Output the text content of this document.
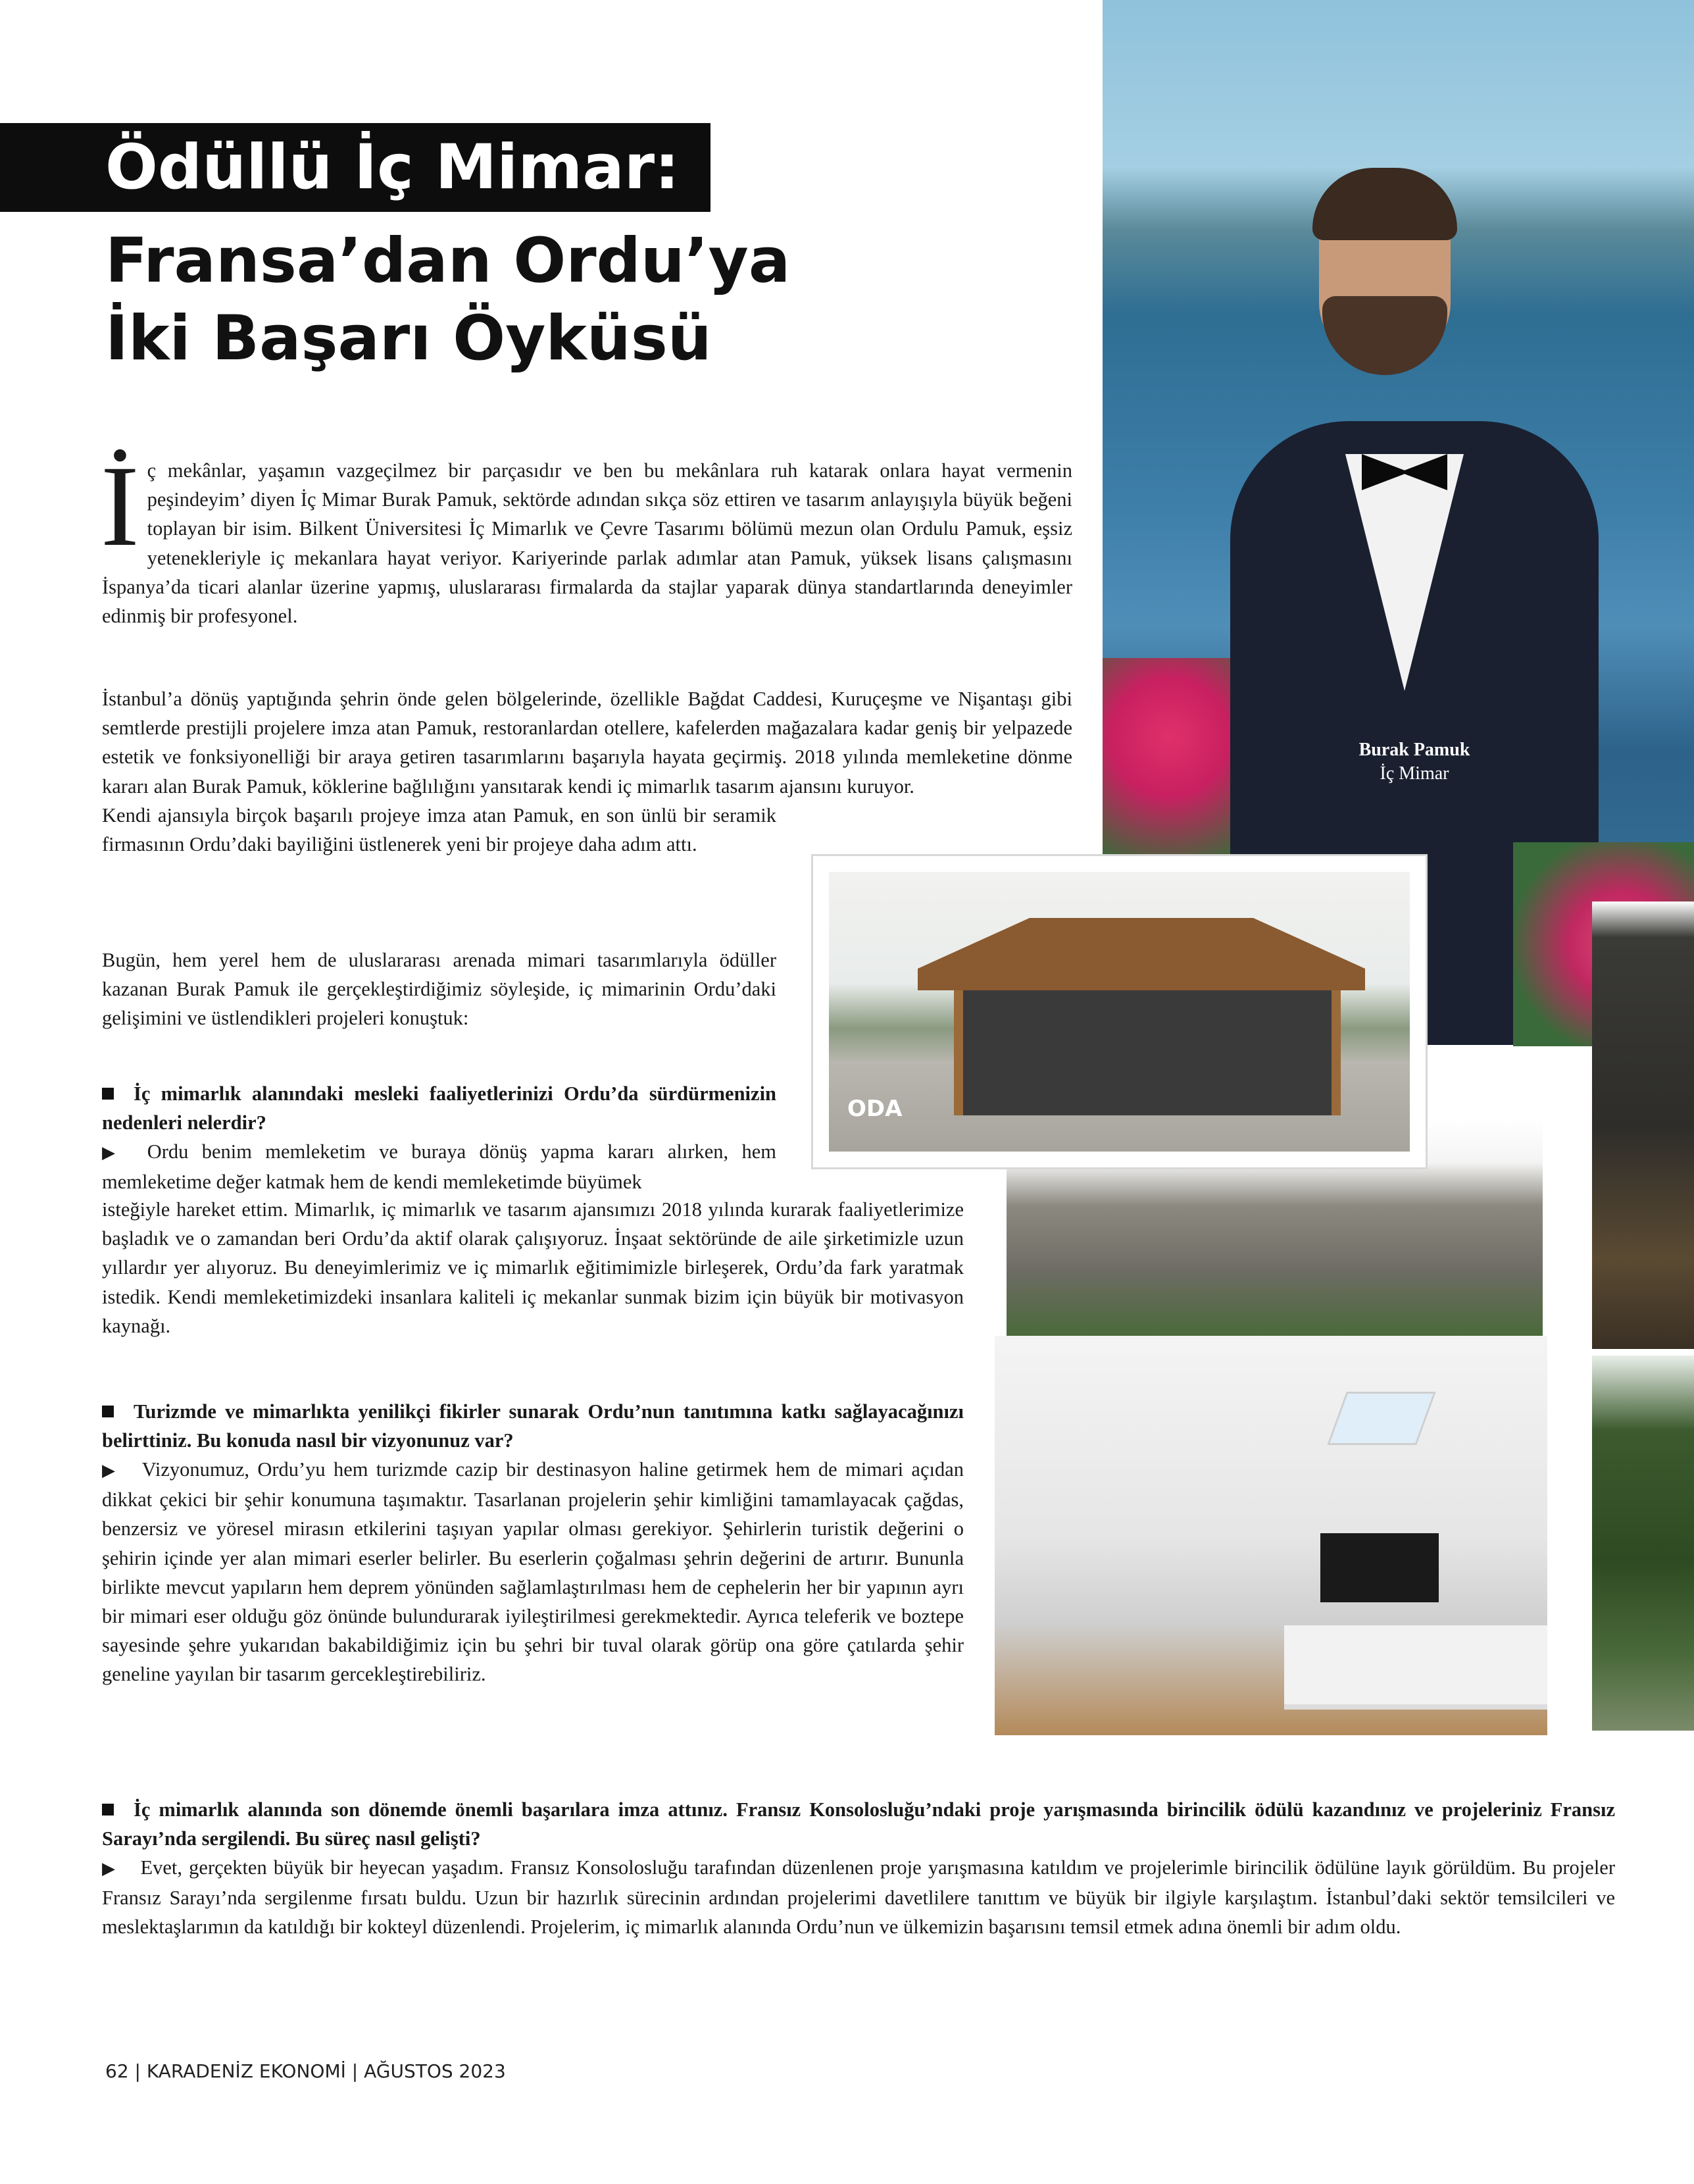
Burak Pamuk
İç Mimar
ODA
Ödüllü İç Mimar:
Fransa’dan Ordu’ya
İki Başarı Öyküsü
İç mekânlar, yaşamın vazgeçilmez bir parçasıdır ve ben bu mekânlara ruh katarak onlara hayat vermenin peşindeyim’ diyen İç Mimar Burak Pamuk, sektörde adından sıkça söz ettiren ve tasarım anlayışıyla büyük beğeni toplayan bir isim. Bilkent Üniversitesi İç Mimarlık ve Çevre Tasarımı bölümü mezun olan Ordulu Pamuk, eşsiz yetenekleriyle iç mekanlara hayat veriyor. Kariyerinde parlak adımlar atan Pamuk, yüksek lisans çalışmasını İspanya’da ticari alanlar üzerine yapmış, uluslararası firmalarda da stajlar yaparak dünya standartlarında deneyimler edinmiş bir profesyonel.
İstanbul’a dönüş yaptığında şehrin önde gelen bölgelerinde, özellikle Bağdat Caddesi, Kuruçeşme ve Nişantaşı gibi semtlerde prestijli projelere imza atan Pamuk, restoranlardan otellere, kafelerden mağazalara kadar geniş bir yelpazede estetik ve fonksiyonelliği bir araya getiren tasarımlarını başarıyla hayata geçirmiş. 2018 yılında memleketine dönme kararı alan Burak Pamuk, köklerine bağlılığını yansıtarak kendi iç mimarlık tasarım ajansını kuruyor.
Kendi ajansıyla birçok başarılı projeye imza atan Pamuk, en son ünlü bir seramik firmasının Ordu’daki bayiliğini üstlenerek yeni bir projeye daha adım attı.
Bugün, hem yerel hem de uluslararası arenada mimari tasarımlarıyla ödüller kazanan Burak Pamuk ile gerçekleştirdiğimiz söyleşide, iç mimarinin Ordu’daki gelişimini ve üstlendikleri projeleri konuştuk:
İç mimarlık alanındaki mesleki faaliyetlerinizi Ordu’da sürdürmenizin nedenleri nelerdir?
▶ Ordu benim memleketim ve buraya dönüş yapma kararı alırken, hem memleketime değer katmak hem de kendi memleketimde büyümek
isteğiyle hareket ettim. Mimarlık, iç mimarlık ve tasarım ajansımızı 2018 yılında kurarak faaliyetlerimize başladık ve o zamandan beri Ordu’da aktif olarak çalışıyoruz. İnşaat sektöründe de aile şirketimizle uzun yıllardır yer alıyoruz. Bu deneyimlerimiz ve iç mimarlık eğitimimizle birleşerek, Ordu’da fark yaratmak istedik. Kendi memleketimizdeki insanlara kaliteli iç mekanlar sunmak bizim için büyük bir motivasyon kaynağı.
Turizmde ve mimarlıkta yenilikçi fikirler sunarak Ordu’nun tanıtımına katkı sağlayacağınızı belirttiniz. Bu konuda nasıl bir vizyonunuz var?
▶ Vizyonumuz, Ordu’yu hem turizmde cazip bir destinasyon haline getirmek hem de mimari açıdan dikkat çekici bir şehir konumuna taşımaktır. Tasarlanan projelerin şehir kimliğini tamamlayacak çağdas, benzersiz ve yöresel mirasın etkilerini taşıyan yapılar olması gerekiyor. Şehirlerin turistik değerini o şehirin içinde yer alan mimari eserler belirler. Bu eserlerin çoğalması şehrin değerini de artırır. Bununla birlikte mevcut yapıların hem deprem yönünden sağlamlaştırılması hem de cephelerin her bir yapının ayrı bir mimari eser olduğu göz önünde bulundurarak iyileştirilmesi gerekmektedir. Ayrıca teleferik ve boztepe sayesinde şehre yukarıdan bakabildiğimiz için bu şehri bir tuval olarak görüp ona göre çatılarda şehir geneline yayılan bir tasarım gercekleştirebiliriz.
İç mimarlık alanında son dönemde önemli başarılara imza attınız. Fransız Konsolosluğu’ndaki proje yarışmasında birincilik ödülü kazandınız ve projeleriniz Fransız Sarayı’nda sergilendi. Bu süreç nasıl gelişti?
▶ Evet, gerçekten büyük bir heyecan yaşadım. Fransız Konsolosluğu tarafından düzenlenen proje yarışmasına katıldım ve projelerimle birincilik ödülüne layık görüldüm. Bu projeler Fransız Sarayı’nda sergilenme fırsatı buldu. Uzun bir hazırlık sürecinin ardından projelerimi davetlilere tanıttım ve büyük bir ilgiyle karşılaştım. İstanbul’daki sektör temsilcileri ve meslektaşlarımın da katıldığı bir kokteyl düzenlendi. Projelerim, iç mimarlık alanında Ordu’nun ve ülkemizin başarısını temsil etmek adına önemli bir adım oldu.
62 | KARADENİZ EKONOMİ | AĞUSTOS 2023
